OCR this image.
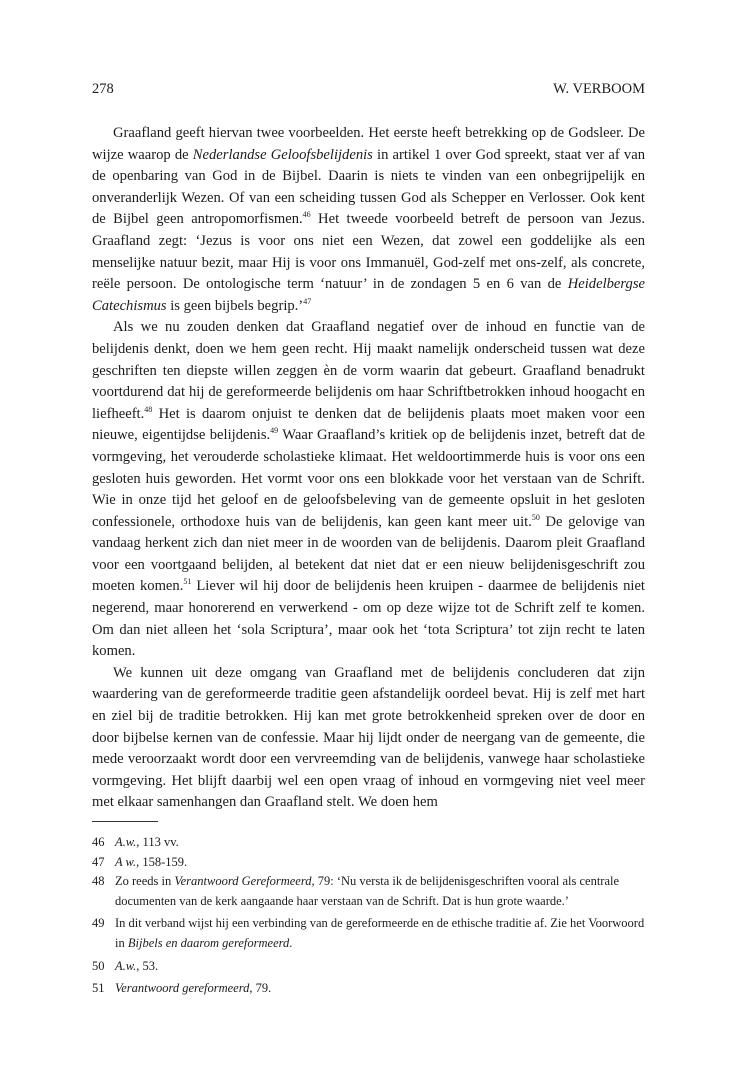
278	W. VERBOOM

Graafland geeft hiervan twee voorbeelden. Het eerste heeft betrekking op de Godsleer. De wijze waarop de Nederlandse Geloofsbelijdenis in artikel 1 over God spreekt, staat ver af van de openbaring van God in de Bijbel. Daarin is niets te vinden van een onbegrijpelijk en onveranderlijk Wezen. Of van een scheiding tussen God als Schepper en Verlosser. Ook kent de Bijbel geen antropomorfismen.$^{46}$ Het tweede voorbeeld betreft de persoon van Jezus. Graafland zegt: ‘Jezus is voor ons niet een Wezen, dat zowel een goddelijke als een menselijke natuur bezit, maar Hij is voor ons Immanuël, God-zelf met ons-zelf, als concrete, reële persoon. De ontologische term ‘natuur’ in de zondagen 5 en 6 van de Heidelbergse Catechismus is geen bijbels begrip.’$^{47}$

Als we nu zouden denken dat Graafland negatief over de inhoud en functie van de belijdenis denkt, doen we hem geen recht. Hij maakt namelijk onderscheid tussen wat deze geschriften ten diepste willen zeggen èn de vorm waarin dat gebeurt. Graafland benadrukt voortdurend dat hij de gereformeerde belijdenis om haar Schriftbetrokken inhoud hoogacht en liefheeft.$^{48}$ Het is daarom onjuist te denken dat de belijdenis plaats moet maken voor een nieuwe, eigentijdse belijdenis.$^{49}$ Waar Graafland’s kritiek op de belijdenis inzet, betreft dat de vormgeving, het verouderde scholastieke klimaat. Het weldoortimmerde huis is voor ons een gesloten huis geworden. Het vormt voor ons een blokkade voor het verstaan van de Schrift. Wie in onze tijd het geloof en de geloofsbeleving van de gemeente opsluit in het gesloten confessionele, orthodoxe huis van de belijdenis, kan geen kant meer uit.$^{50}$ De gelovige van vandaag herkent zich dan niet meer in de woorden van de belijdenis. Daarom pleit Graafland voor een voortgaand belijden, al betekent dat niet dat er een nieuw belijdenisgeschrift zou moeten komen.$^{51}$ Liever wil hij door de belijdenis heen kruipen - daarmee de belijdenis niet negerend, maar honorerend en verwerkend - om op deze wijze tot de Schrift zelf te komen. Om dan niet alleen het ‘sola Scriptura’, maar ook het ‘tota Scriptura’ tot zijn recht te laten komen.

We kunnen uit deze omgang van Graafland met de belijdenis concluderen dat zijn waardering van de gereformeerde traditie geen afstandelijk oordeel bevat. Hij is zelf met hart en ziel bij de traditie betrokken. Hij kan met grote betrokkenheid spreken over de door en door bijbelse kernen van de confessie. Maar hij lijdt onder de neergang van de gemeente, die mede veroorzaakt wordt door een vervreemding van de belijdenis, vanwege haar scholastieke vormgeving. Het blijft daarbij wel een open vraag of inhoud en vormgeving niet veel meer met elkaar samenhangen dan Graafland stelt. We doen hem

46 A.w., 113 vv.
47 A w., 158-159.
48 Zo reeds in Verantwoord Gereformeerd, 79: ‘Nu versta ik de belijdenisgeschriften vooral als centrale documenten van de kerk aangaande haar verstaan van de Schrift. Dat is hun grote waarde.’
49 In dit verband wijst hij een verbinding van de gereformeerde en de ethische traditie af. Zie het Voorwoord in Bijbels en daarom gereformeerd.
50 A.w., 53.
51 Verantwoord gereformeerd, 79.
